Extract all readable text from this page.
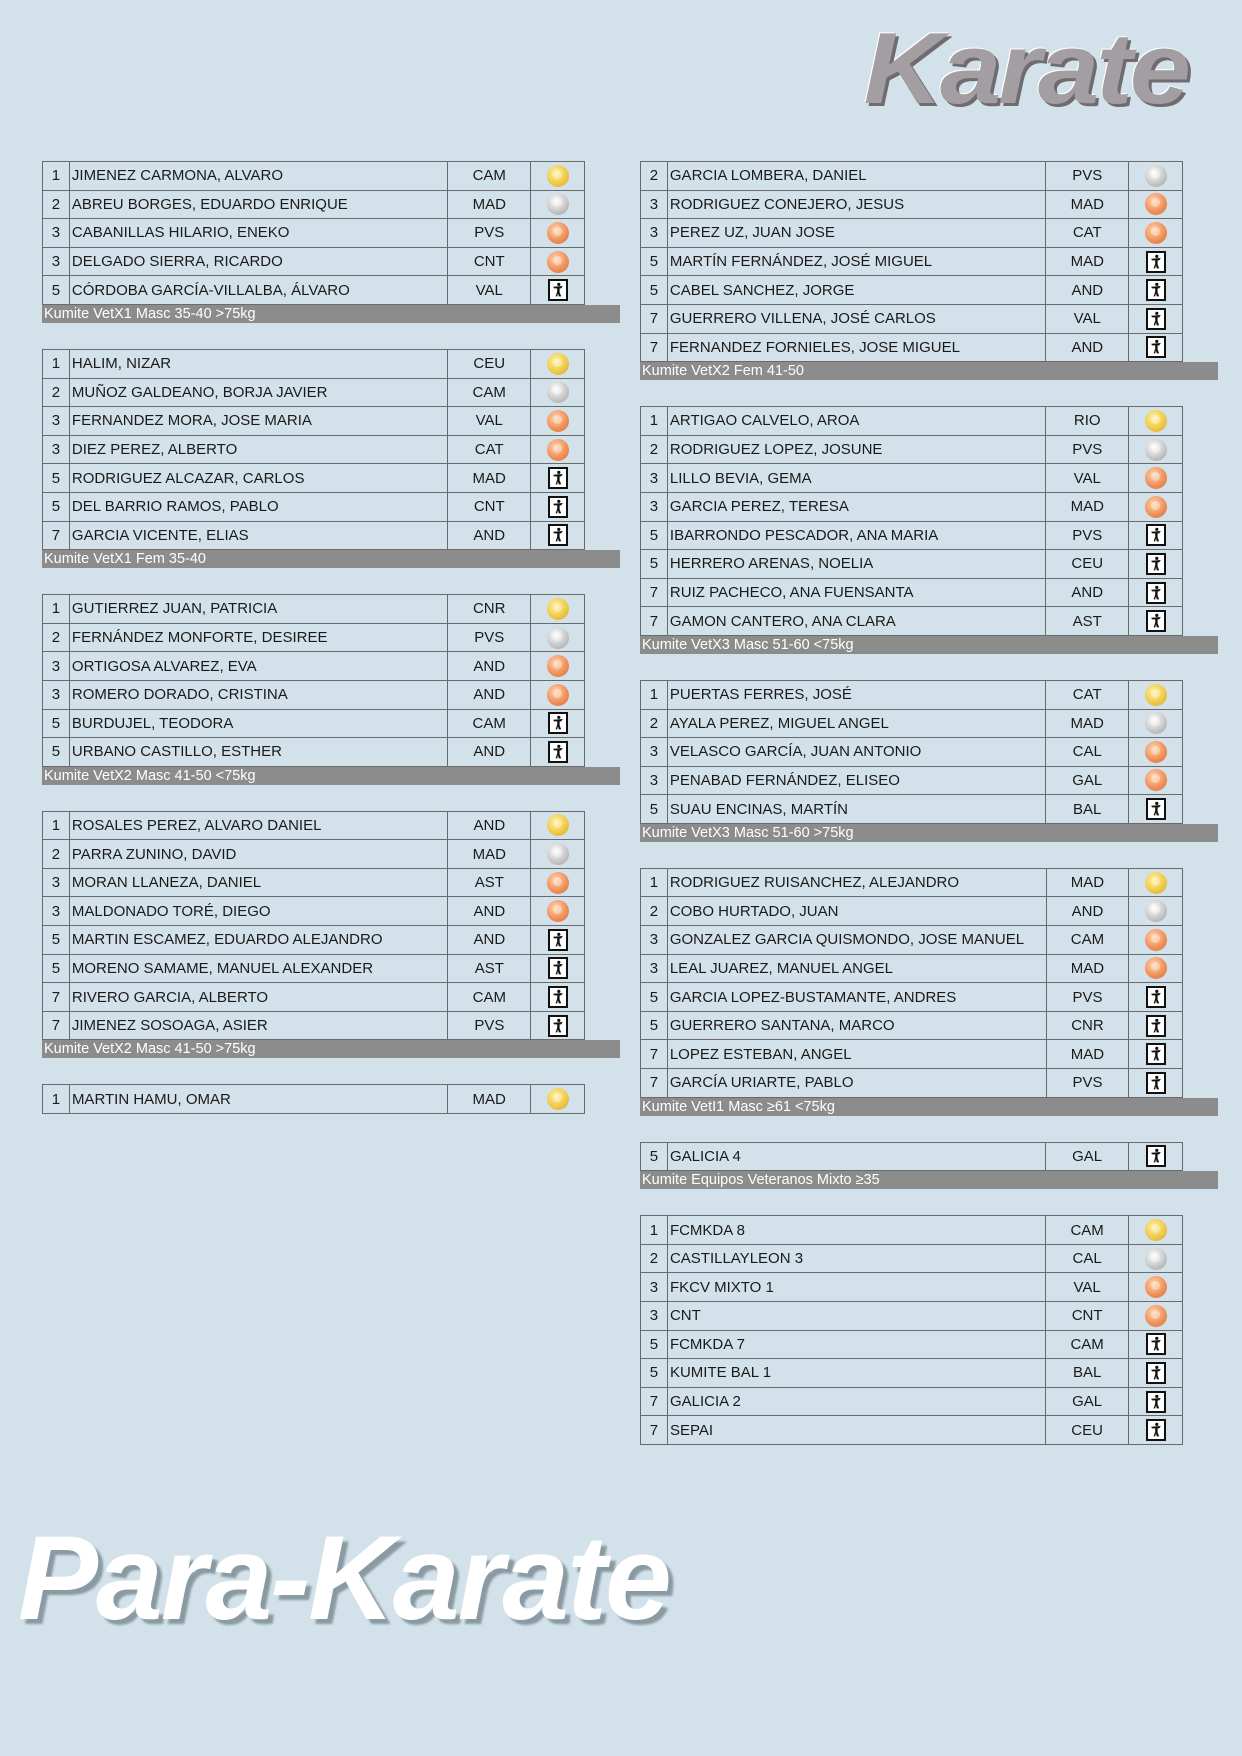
Karate
1	JIMENEZ CARMONA, ALVARO	CAM	
2	ABREU BORGES, EDUARDO ENRIQUE	MAD	
3	CABANILLAS HILARIO, ENEKO	PVS	
3	DELGADO SIERRA, RICARDO	CNT	
5	CÓRDOBA GARCÍA-VILLALBA, ÁLVARO	VAL	
Kumite VetX1 Masc 35-40 >75kg
1	HALIM, NIZAR	CEU	
2	MUÑOZ GALDEANO, BORJA JAVIER	CAM	
3	FERNANDEZ MORA, JOSE MARIA	VAL	
3	DIEZ PEREZ, ALBERTO	CAT	
5	RODRIGUEZ ALCAZAR, CARLOS	MAD	

5	DEL BARRIO RAMOS, PABLO	CNT	

7	GARCIA VICENTE, ELIAS	AND	
Kumite VetX1 Fem 35-40
1	GUTIERREZ JUAN, PATRICIA	CNR	
2	FERNÁNDEZ MONFORTE, DESIREE	PVS	
3	ORTIGOSA ALVAREZ, EVA	AND	
3	ROMERO DORADO, CRISTINA	AND	
5	BURDUJEL, TEODORA	CAM	

5	URBANO CASTILLO, ESTHER	AND	
Kumite VetX2 Masc 41-50 <75kg
1	ROSALES PEREZ, ALVARO DANIEL	AND	
2	PARRA ZUNINO, DAVID	MAD	
3	MORAN LLANEZA, DANIEL	AST	
3	MALDONADO TORÉ, DIEGO	AND	
5	MARTIN ESCAMEZ, EDUARDO ALEJANDRO	AND	

5	MORENO SAMAME, MANUEL ALEXANDER	AST	

7	RIVERO GARCIA, ALBERTO	CAM	

7	JIMENEZ SOSOAGA, ASIER	PVS	
Kumite VetX2 Masc 41-50 >75kg
1	MARTIN HAMU, OMAR	MAD	
2	GARCIA LOMBERA, DANIEL	PVS	
3	RODRIGUEZ CONEJERO, JESUS	MAD	
3	PEREZ UZ, JUAN JOSE	CAT	
5	MARTÍN FERNÁNDEZ, JOSÉ MIGUEL	MAD	

5	CABEL SANCHEZ, JORGE	AND	

7	GUERRERO VILLENA, JOSÉ CARLOS	VAL	

7	FERNANDEZ FORNIELES, JOSE MIGUEL	AND	
Kumite VetX2 Fem 41-50
1	ARTIGAO CALVELO, AROA	RIO	
2	RODRIGUEZ LOPEZ, JOSUNE	PVS	
3	LILLO BEVIA, GEMA	VAL	
3	GARCIA PEREZ, TERESA	MAD	
5	IBARRONDO PESCADOR, ANA MARIA	PVS	

5	HERRERO ARENAS, NOELIA	CEU	

7	RUIZ PACHECO, ANA FUENSANTA	AND	

7	GAMON CANTERO, ANA CLARA	AST	
Kumite VetX3 Masc 51-60 <75kg
1	PUERTAS FERRES, JOSÉ	CAT	
2	AYALA PEREZ, MIGUEL ANGEL	MAD	
3	VELASCO GARCÍA, JUAN ANTONIO	CAL	
3	PENABAD FERNÁNDEZ, ELISEO	GAL	
5	SUAU ENCINAS, MARTÍN	BAL	
Kumite VetX3 Masc 51-60 >75kg
1	RODRIGUEZ RUISANCHEZ, ALEJANDRO	MAD	
2	COBO HURTADO, JUAN	AND	
3	GONZALEZ GARCIA QUISMONDO, JOSE MANUEL	CAM	
3	LEAL JUAREZ, MANUEL ANGEL	MAD	
5	GARCIA LOPEZ-BUSTAMANTE, ANDRES	PVS	

5	GUERRERO SANTANA, MARCO	CNR	

7	LOPEZ ESTEBAN, ANGEL	MAD	

7	GARCÍA URIARTE, PABLO	PVS	
Kumite VetI1 Masc ≥61 <75kg
5	GALICIA 4	GAL	
Kumite Equipos Veteranos Mixto ≥35
1	FCMKDA 8	CAM	
2	CASTILLAYLEON 3	CAL	
3	FKCV MIXTO 1	VAL	
3	CNT	CNT	
5	FCMKDA 7	CAM	

5	KUMITE BAL 1	BAL	

7	GALICIA 2	GAL	

7	SEPAI	CEU	
Para-Karate
